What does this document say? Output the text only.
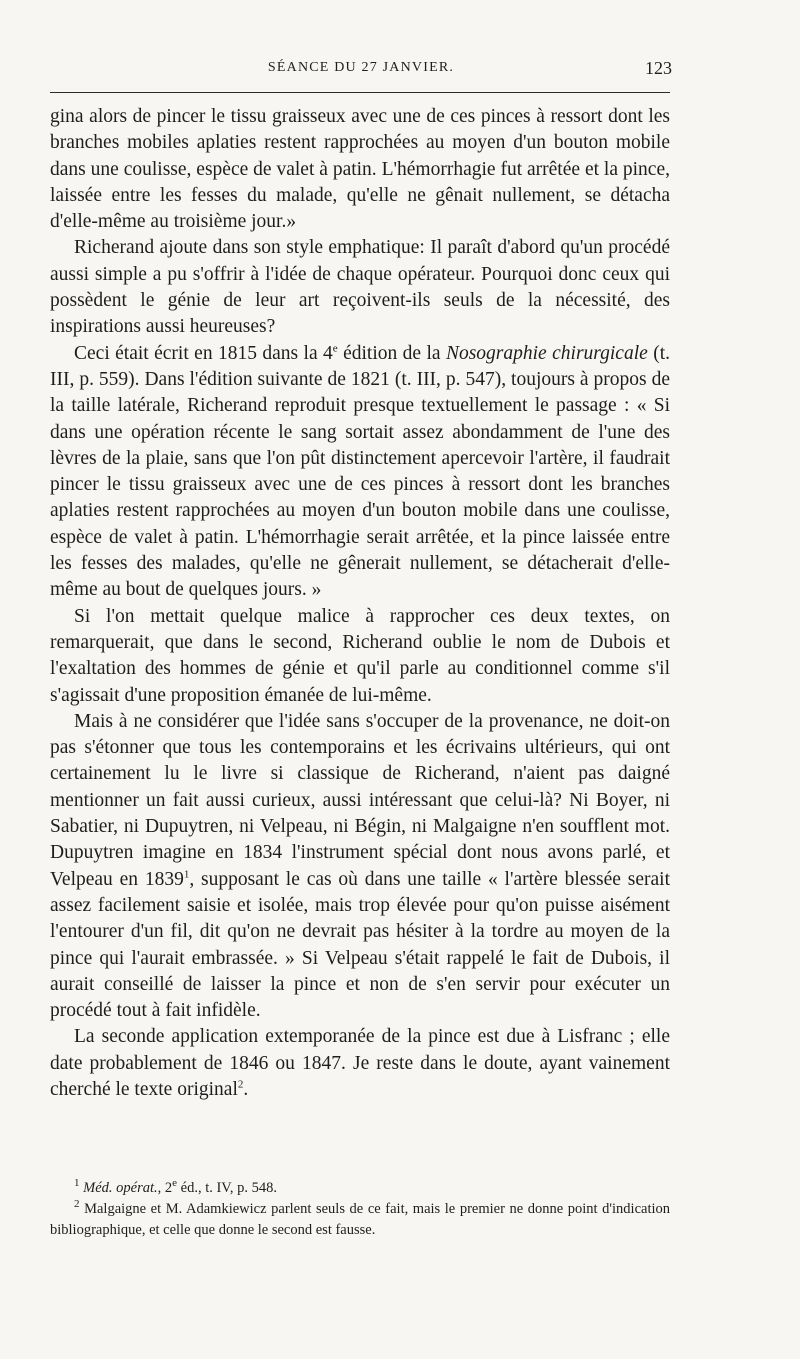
SÉANCE DU 27 JANVIER.	123

gina alors de pincer le tissu graisseux avec une de ces pinces à ressort dont les branches mobiles aplaties restent rapprochées au moyen d'un bouton mobile dans une coulisse, espèce de valet à patin. L'hémorrhagie fut arrêtée et la pince, laissée entre les fesses du malade, qu'elle ne gênait nullement, se détacha d'elle-même au troisième jour.»

Richerand ajoute dans son style emphatique: Il paraît d'abord qu'un procédé aussi simple a pu s'offrir à l'idée de chaque opérateur. Pourquoi donc ceux qui possèdent le génie de leur art reçoivent-ils seuls de la nécessité, des inspirations aussi heureuses?

Ceci était écrit en 1815 dans la 4e édition de la Nosographie chirurgicale (t. III, p. 559). Dans l'édition suivante de 1821 (t. III, p. 547), toujours à propos de la taille latérale, Richerand reproduit presque textuellement le passage : « Si dans une opération récente le sang sortait assez abondamment de l'une des lèvres de la plaie, sans que l'on pût distinctement apercevoir l'artère, il faudrait pincer le tissu graisseux avec une de ces pinces à ressort dont les branches aplaties restent rapprochées au moyen d'un bouton mobile dans une coulisse, espèce de valet à patin. L'hémorrhagie serait arrêtée, et la pince laissée entre les fesses des malades, qu'elle ne gênerait nullement, se détacherait d'elle-même au bout de quelques jours. »

Si l'on mettait quelque malice à rapprocher ces deux textes, on remarquerait, que dans le second, Richerand oublie le nom de Dubois et l'exaltation des hommes de génie et qu'il parle au conditionnel comme s'il s'agissait d'une proposition émanée de lui-même.

Mais à ne considérer que l'idée sans s'occuper de la provenance, ne doit-on pas s'étonner que tous les contemporains et les écrivains ultérieurs, qui ont certainement lu le livre si classique de Richerand, n'aient pas daigné mentionner un fait aussi curieux, aussi intéressant que celui-là? Ni Boyer, ni Sabatier, ni Dupuytren, ni Velpeau, ni Bégin, ni Malgaigne n'en soufflent mot. Dupuytren imagine en 1834 l'instrument spécial dont nous avons parlé, et Velpeau en 1839$^1$, supposant le cas où dans une taille « l'artère blessée serait assez facilement saisie et isolée, mais trop élevée pour qu'on puisse aisément l'entourer d'un fil, dit qu'on ne devrait pas hésiter à la tordre au moyen de la pince qui l'aurait embrassée. » Si Velpeau s'était rappelé le fait de Dubois, il aurait conseillé de laisser la pince et non de s'en servir pour exécuter un procédé tout à fait infidèle.

La seconde application extemporanée de la pince est due à Lisfranc ; elle date probablement de 1846 ou 1847. Je reste dans le doute, ayant vainement cherché le texte original$^2$.

$^1$ Méd. opérat., 2e éd., t. IV, p. 548.

$^2$ Malgaigne et M. Adamkiewicz parlent seuls de ce fait, mais le premier ne donne point d'indication bibliographique, et celle que donne le second est fausse.
